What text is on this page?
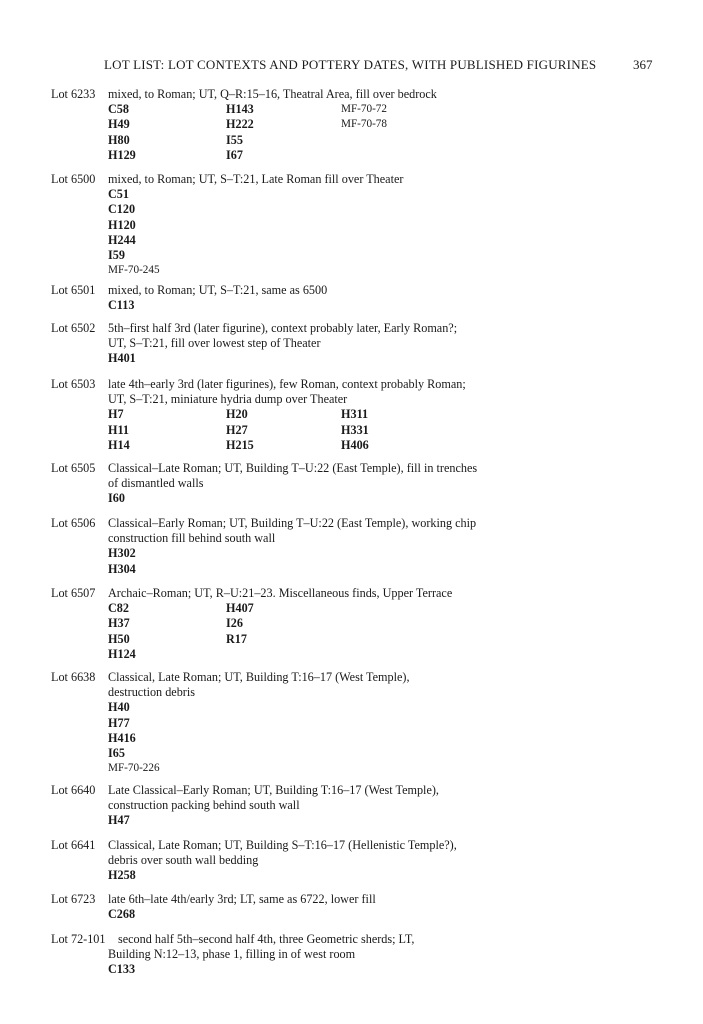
LOT LIST: LOT CONTEXTS AND POTTERY DATES, WITH PUBLISHED FIGURINES	367
Lot 6233 mixed, to Roman; UT, Q–R:15–16, Theatral Area, fill over bedrock
C58	H143	MF-70-72
H49	H222	MF-70-78
H80	I55
H129	I67
Lot 6500 mixed, to Roman; UT, S–T:21, Late Roman fill over Theater
C51
C120
H120
H244
I59
MF-70-245
Lot 6501 mixed, to Roman; UT, S–T:21, same as 6500
C113
Lot 6502 5th–first half 3rd (later figurine), context probably later, Early Roman?;
UT, S–T:21, fill over lowest step of Theater
H401
Lot 6503 late 4th–early 3rd (later figurines), few Roman, context probably Roman;
UT, S–T:21, miniature hydria dump over Theater
H7	H20	H311
H11	H27	H331
H14	H215	H406
Lot 6505 Classical–Late Roman; UT, Building T–U:22 (East Temple), fill in trenches
of dismantled walls
I60
Lot 6506 Classical–Early Roman; UT, Building T–U:22 (East Temple), working chip
construction fill behind south wall
H302
H304
Lot 6507 Archaic–Roman; UT, R–U:21–23. Miscellaneous finds, Upper Terrace
C82	H407
H37	I26
H50	R17
H124
Lot 6638 Classical, Late Roman; UT, Building T:16–17 (West Temple),
destruction debris
H40
H77
H416
I65
MF-70-226
Lot 6640 Late Classical–Early Roman; UT, Building T:16–17 (West Temple),
construction packing behind south wall
H47
Lot 6641 Classical, Late Roman; UT, Building S–T:16–17 (Hellenistic Temple?),
debris over south wall bedding
H258
Lot 6723 late 6th–late 4th/early 3rd; LT, same as 6722, lower fill
C268
Lot 72-101 second half 5th–second half 4th, three Geometric sherds; LT,
Building N:12–13, phase 1, filling in of west room
C133
